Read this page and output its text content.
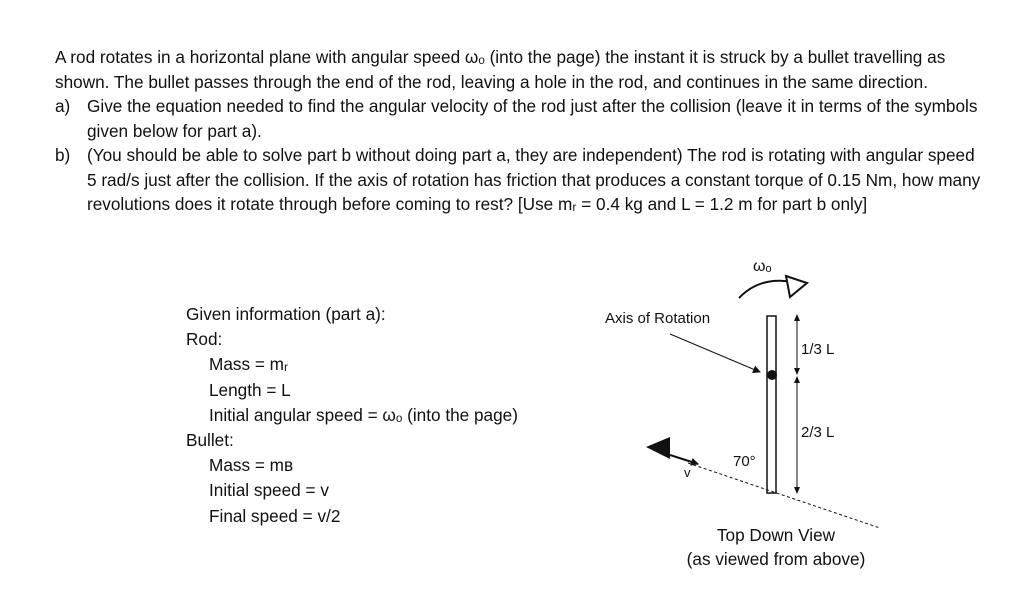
A rod rotates in a horizontal plane with angular speed ωₒ (into the page) the instant it is struck by a bullet travelling as shown. The bullet passes through the end of the rod, leaving a hole in the rod, and continues in the same direction.

a) Give the equation needed to find the angular velocity of the rod just after the collision (leave it in terms of the symbols given below for part a).
b) (You should be able to solve part b without doing part a, they are independent) The rod is rotating with angular speed 5 rad/s just after the collision. If the axis of rotation has friction that produces a constant torque of 0.15 Nm, how many revolutions does it rotate through before coming to rest? [Use mᵣ = 0.4 kg and L = 1.2 m for part b only]
Given information (part a):
Rod:
Mass = mᵣ
Length = L
Initial angular speed = ωₒ (into the page)
Bullet:
Mass = mʙ
Initial speed = v
Final speed = v/2
ωₒ
Axis of Rotation
1/3 L
2/3 L
70°
v
Top Down View
(as viewed from above)
